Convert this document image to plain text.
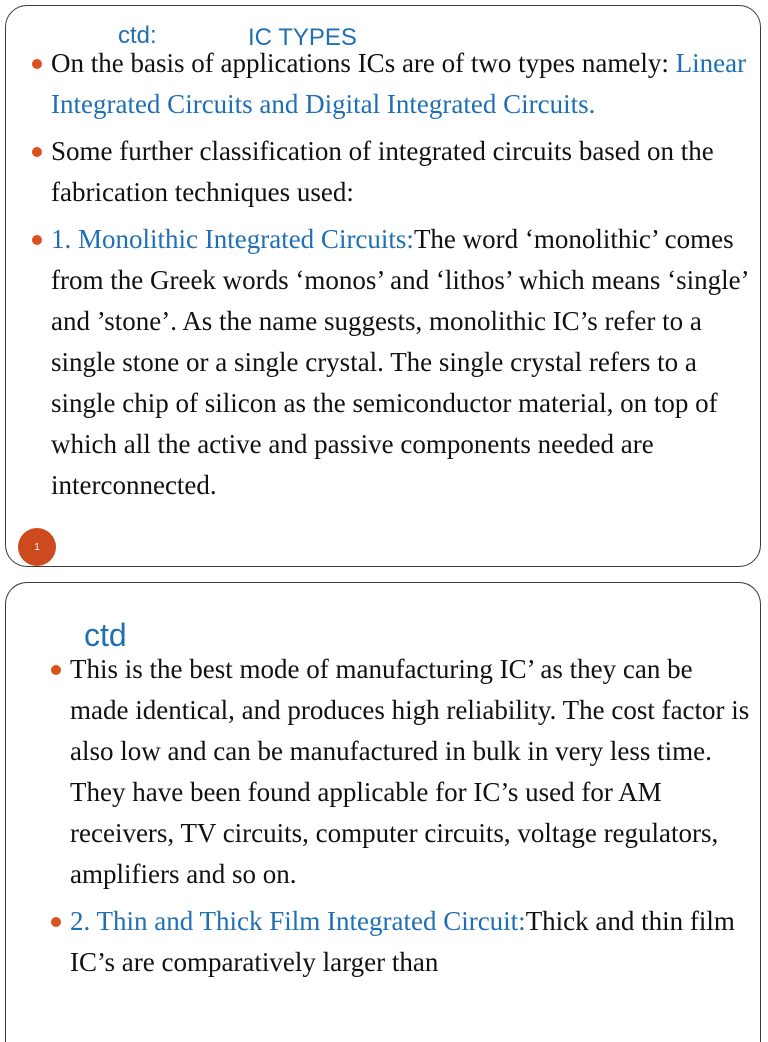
ctd:	IC TYPES
On the basis of applications ICs are of two types namely: Linear Integrated Circuits and Digital Integrated Circuits.
Some further classification of integrated circuits based on the fabrication techniques used:
1. Monolithic Integrated Circuits:The word ‘monolithic’ comes from the Greek words ‘monos’ and ‘lithos’ which means ‘single’ and ’stone’. As the name suggests, monolithic IC’s refer to a single stone or a single crystal. The single crystal refers to a single chip of silicon as the semiconductor material, on top of which all the active and passive components needed are interconnected.
1
ctd
This is the best mode of manufacturing IC’ as they can be made identical, and produces high reliability. The cost factor is also low and can be manufactured in bulk in very less time. They have been found applicable for IC’s used for AM receivers, TV circuits, computer circuits, voltage regulators, amplifiers and so on.
2. Thin and Thick Film Integrated Circuit:Thick and thin film IC’s are comparatively larger than
